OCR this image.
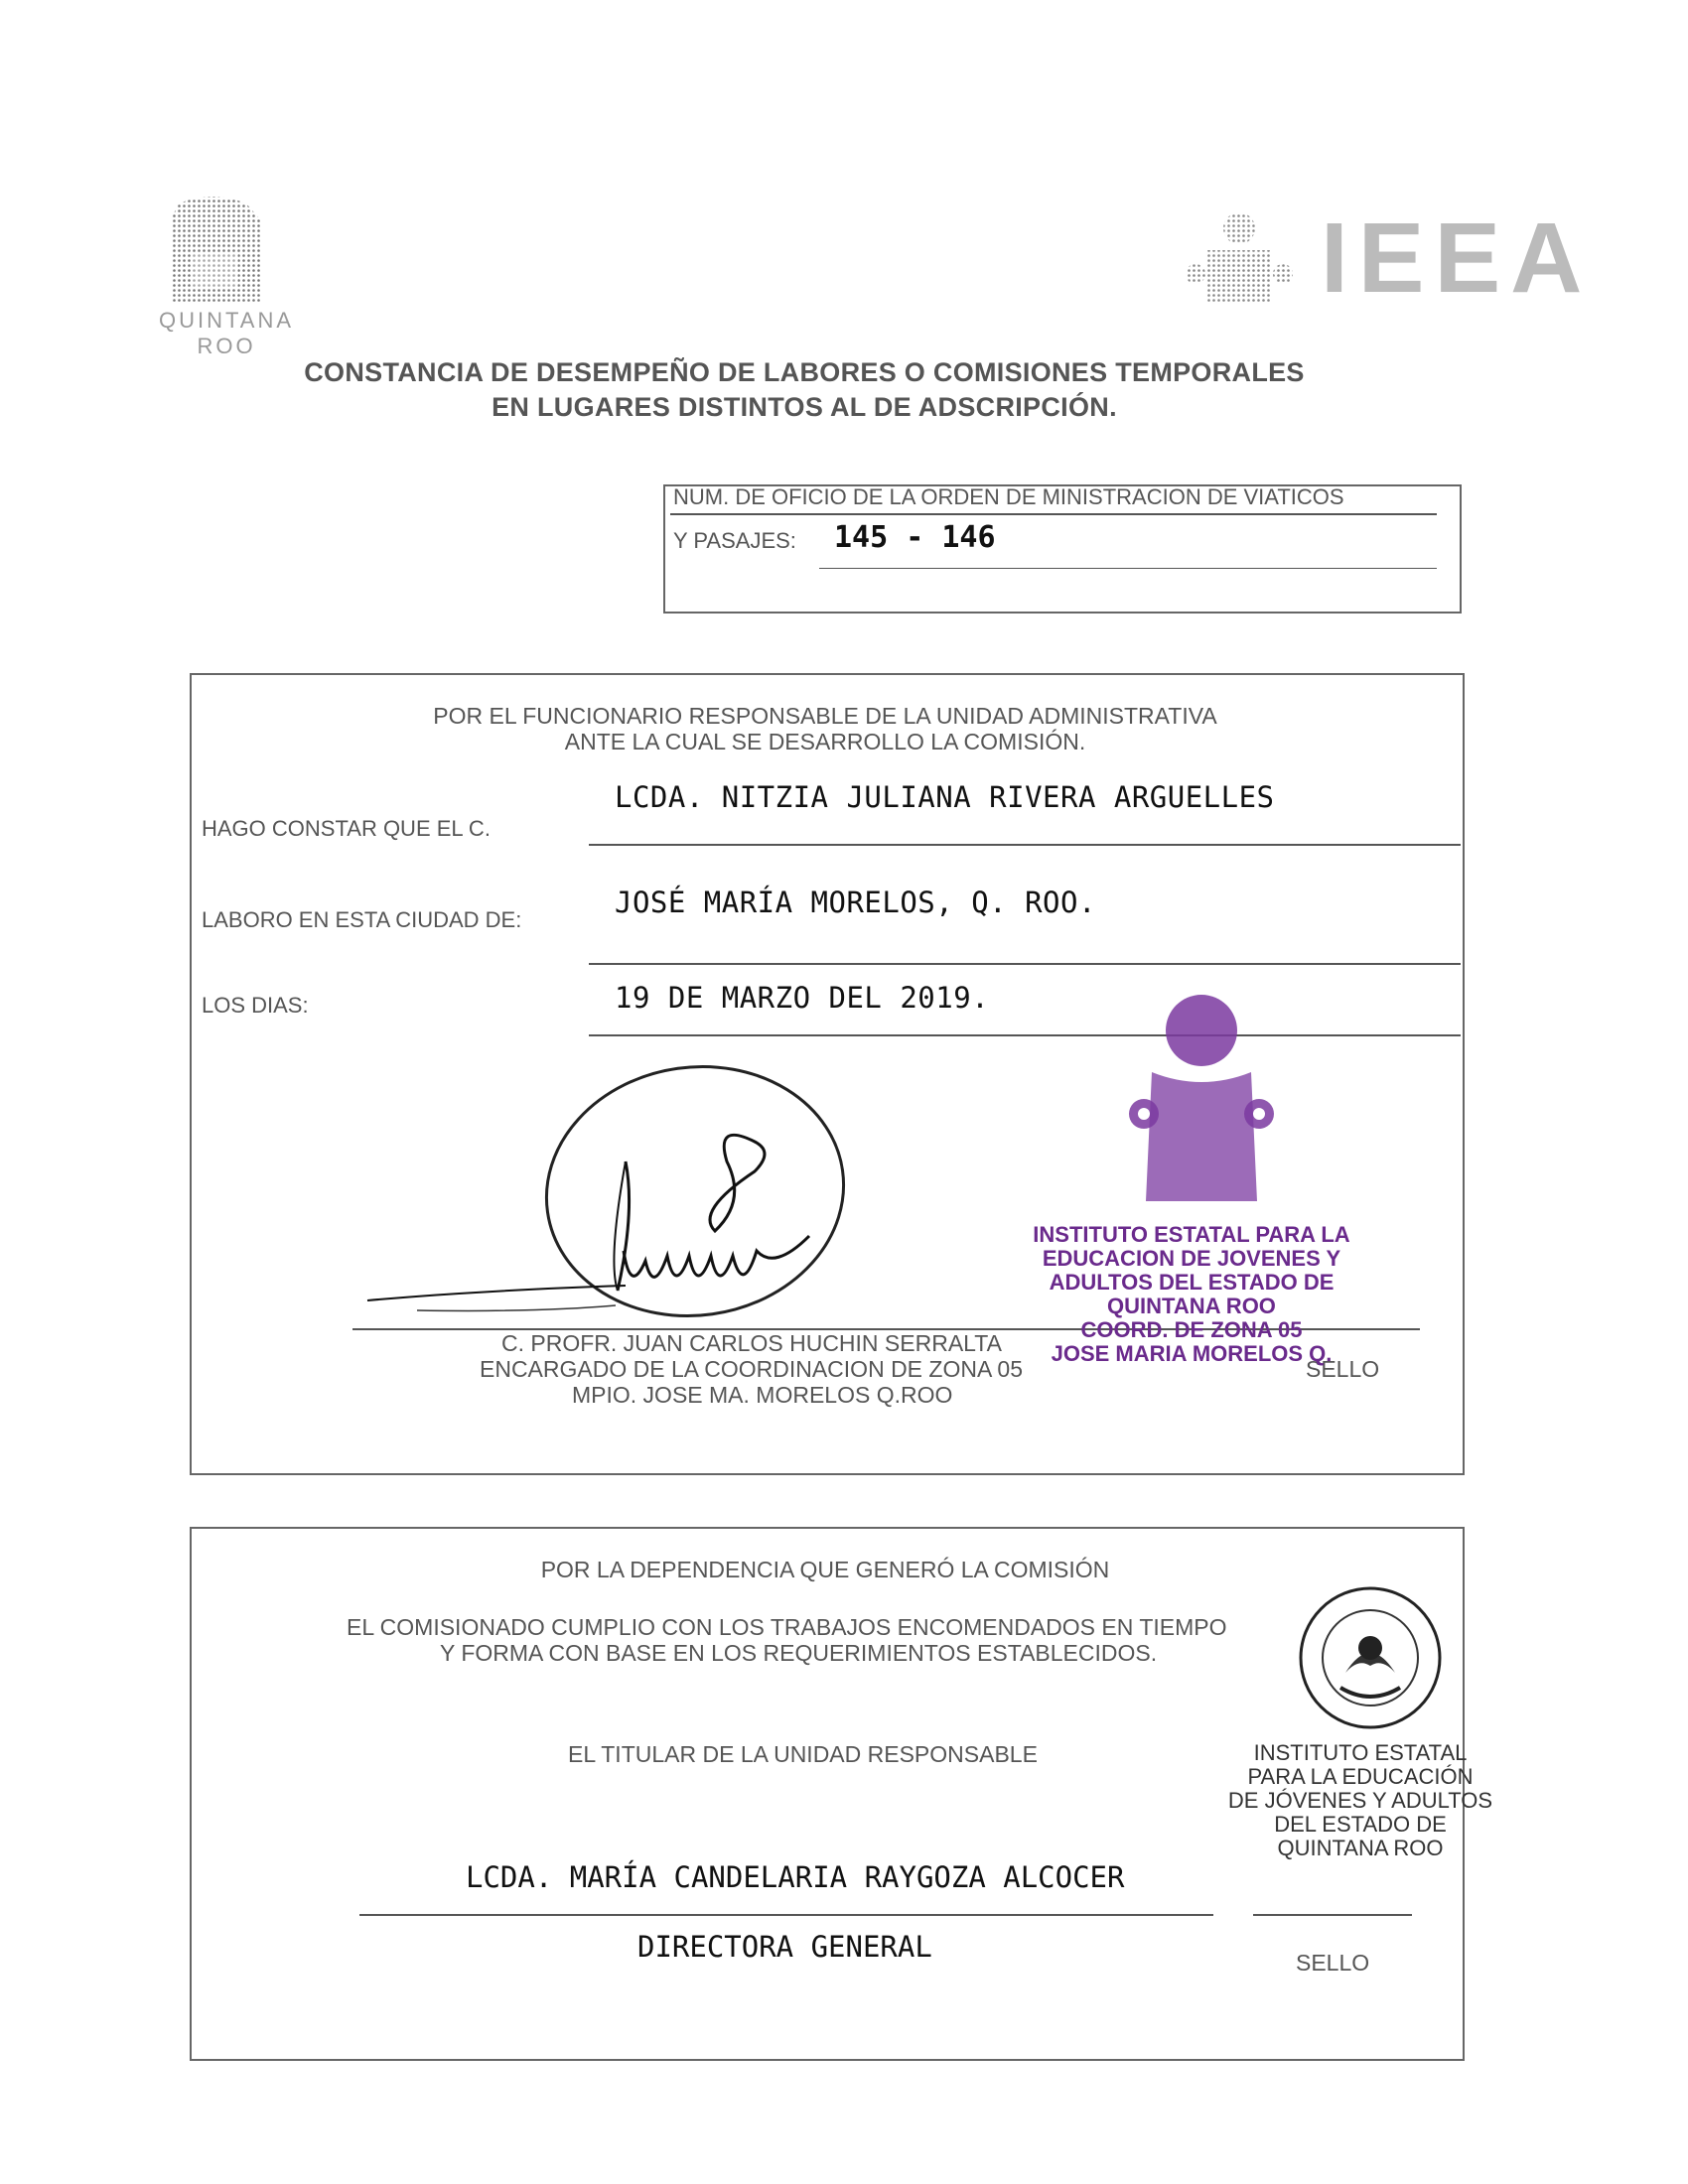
QUINTANA ROO
IEEA
CONSTANCIA DE DESEMPEÑO DE LABORES O COMISIONES TEMPORALES
EN LUGARES DISTINTOS AL DE ADSCRIPCIÓN.
NUM. DE OFICIO DE LA ORDEN DE MINISTRACION DE VIATICOS
Y PASAJES: 145 - 146
POR EL FUNCIONARIO RESPONSABLE DE LA UNIDAD ADMINISTRATIVA
ANTE LA CUAL SE DESARROLLO LA COMISIÓN.
HAGO CONSTAR QUE EL C.
LCDA. NITZIA JULIANA RIVERA ARGUELLES
LABORO EN ESTA CIUDAD DE:
JOSÉ MARÍA MORELOS, Q. ROO.
LOS DIAS:	19 DE MARZO DEL 2019.
C. PROFR. JUAN CARLOS HUCHIN SERRALTA
ENCARGADO DE LA COORDINACION DE ZONA 05
MPIO. JOSE MA. MORELOS Q.ROO
SELLO
INSTITUTO ESTATAL PARA LA
EDUCACION DE JOVENES Y
ADULTOS DEL ESTADO DE
QUINTANA ROO
COORD. DE ZONA 05
JOSE MARIA MORELOS Q.
POR LA DEPENDENCIA QUE GENERÓ LA COMISIÓN
EL COMISIONADO CUMPLIO CON LOS TRABAJOS ENCOMENDADOS EN TIEMPO
Y FORMA CON BASE EN LOS REQUERIMIENTOS ESTABLECIDOS.
EL TITULAR DE LA UNIDAD RESPONSABLE	INSTITUTO ESTATAL
PARA LA EDUCACIÓN
DE JÓVENES Y ADULTOS
DEL ESTADO DE
QUINTANA ROO
LCDA. MARÍA CANDELARIA RAYGOZA ALCOCER
DIRECTORA GENERAL	SELLO
